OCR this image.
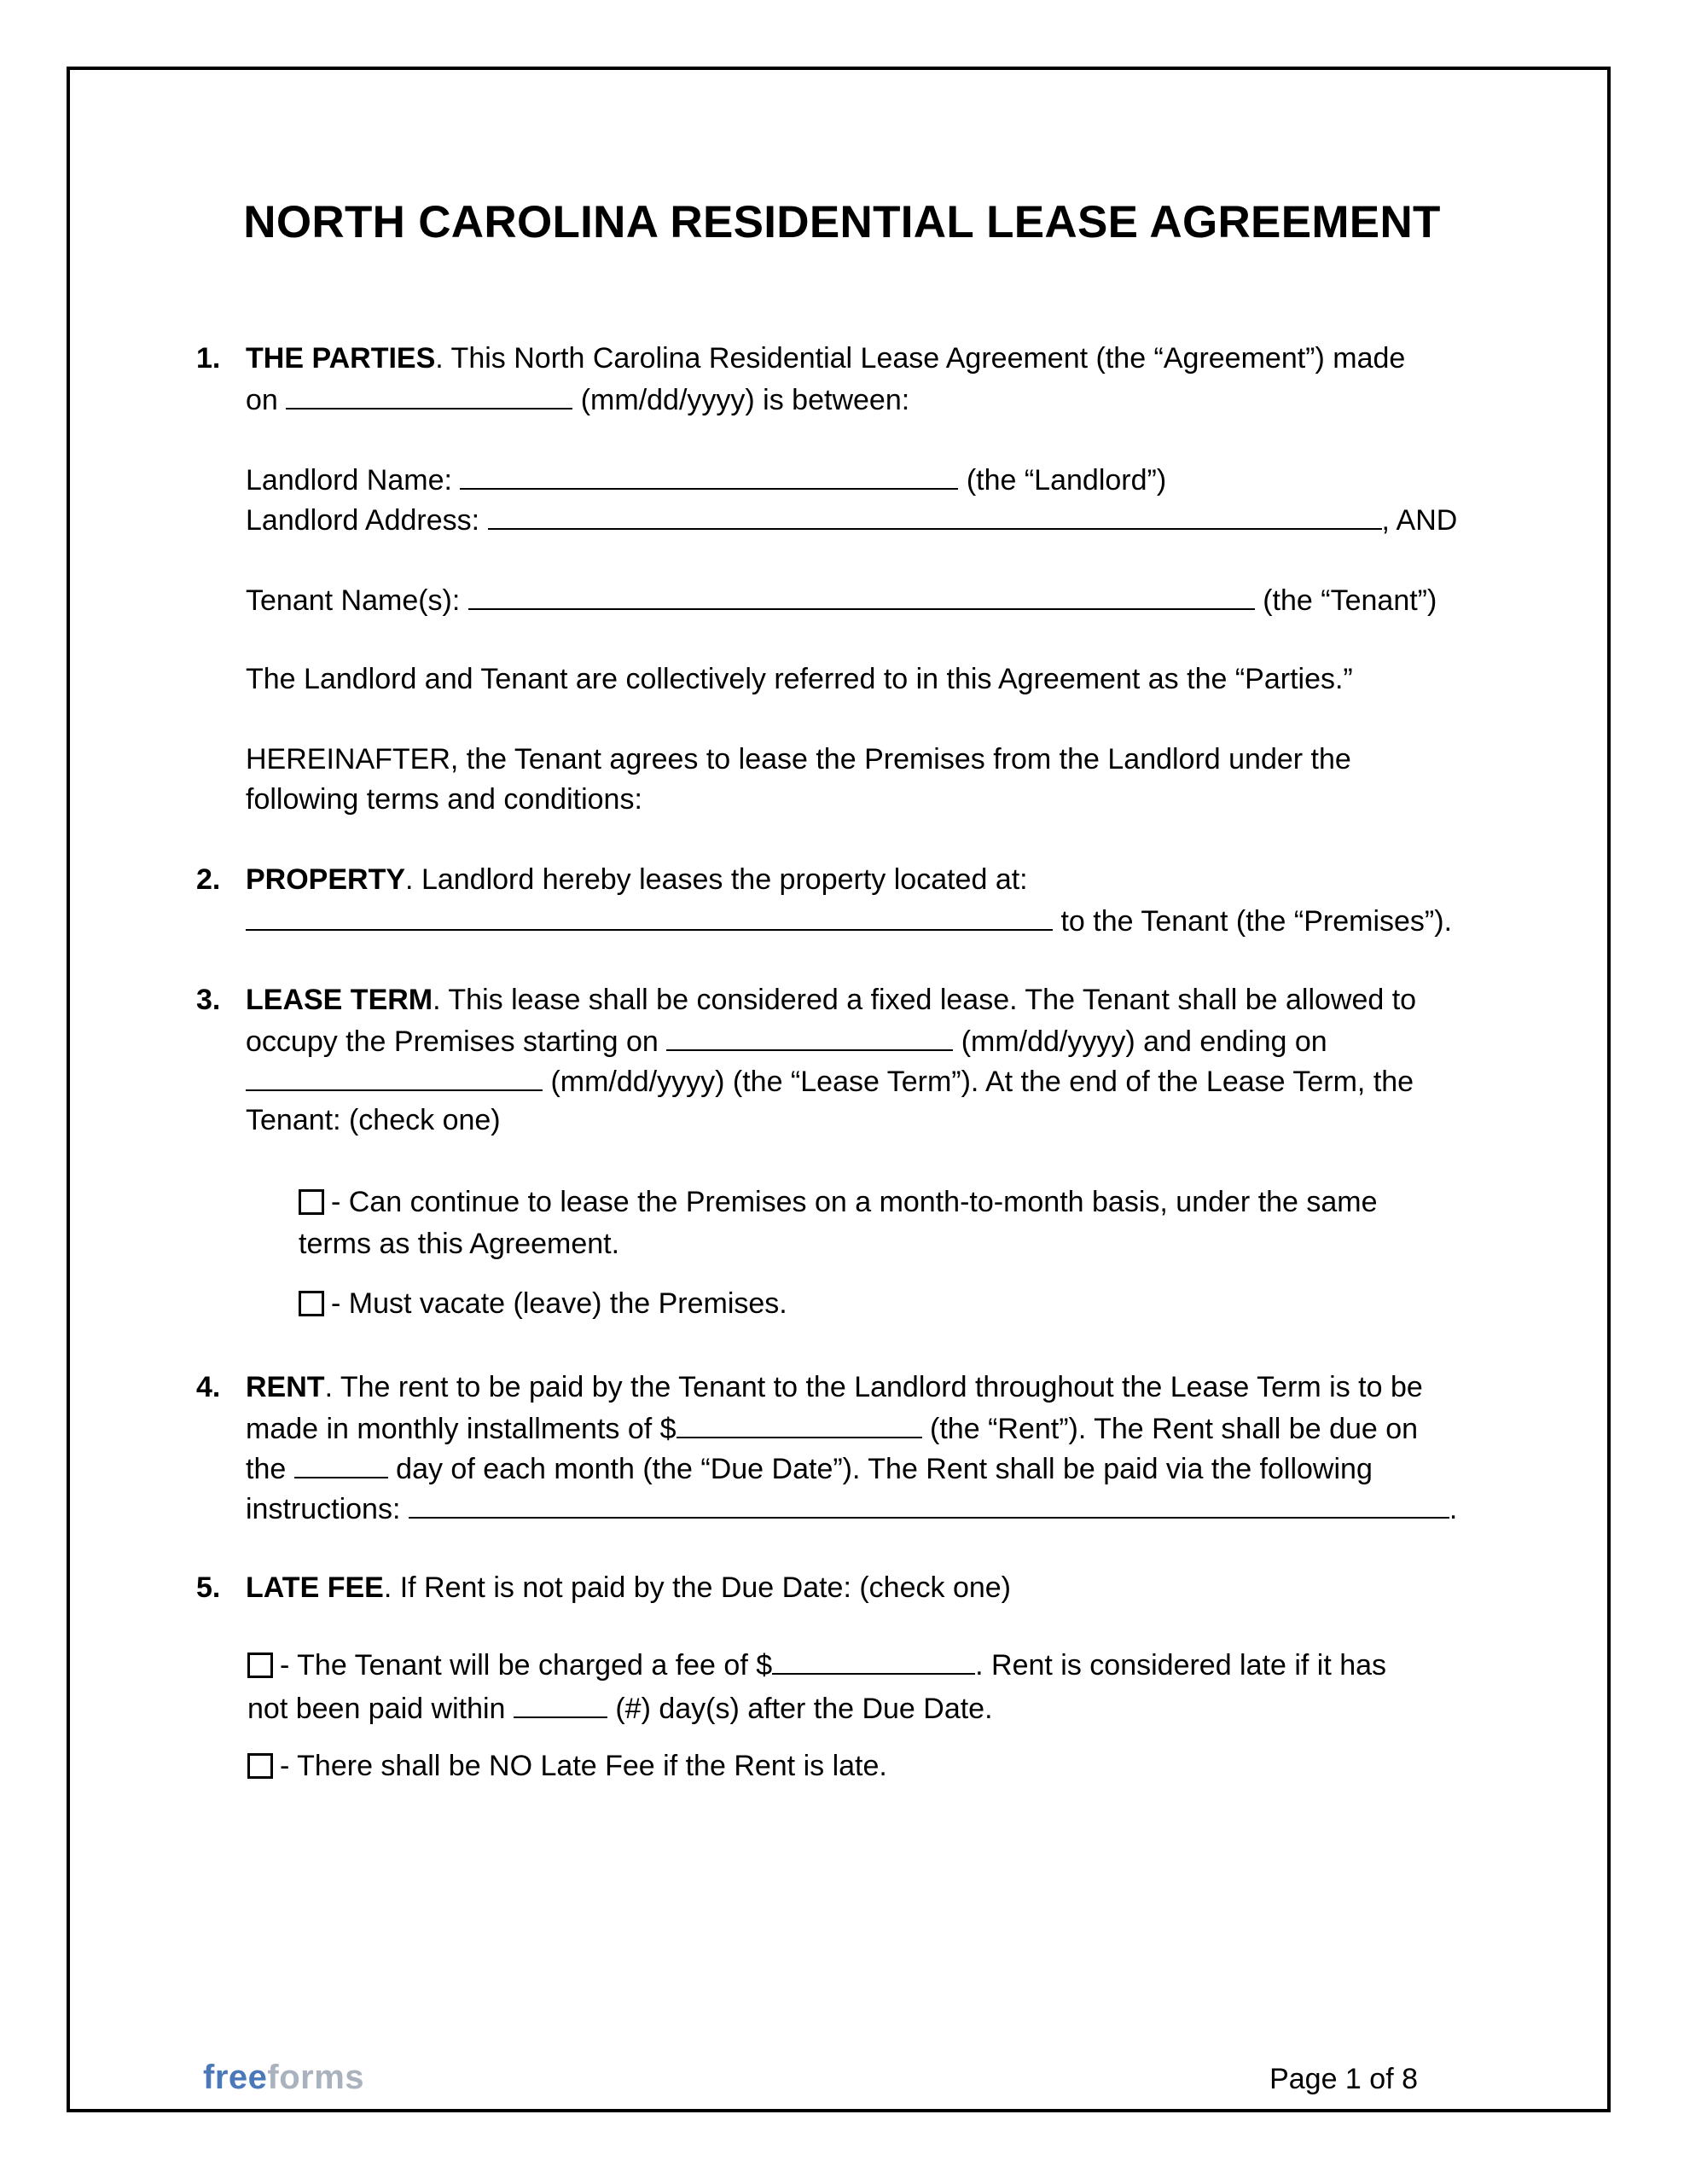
NORTH CAROLINA RESIDENTIAL LEASE AGREEMENT
1. THE PARTIES. This North Carolina Residential Lease Agreement (the “Agreement”) made
on	(mm/dd/yyyy) is between:
Landlord Name:	(the “Landlord”)
Landlord Address:	, AND
Tenant Name(s):	(the “Tenant”)
The Landlord and Tenant are collectively referred to in this Agreement as the “Parties.”
HEREINAFTER, the Tenant agrees to lease the Premises from the Landlord under the
following terms and conditions:
2. PROPERTY. Landlord hereby leases the property located at:
to the Tenant (the “Premises”).
3. LEASE TERM. This lease shall be considered a fixed lease. The Tenant shall be allowed to
occupy the Premises starting on	(mm/dd/yyyy) and ending on
(mm/dd/yyyy) (the “Lease Term”). At the end of the Lease Term, the
Tenant: (check one)
- Can continue to lease the Premises on a month-to-month basis, under the same
terms as this Agreement.
- Must vacate (leave) the Premises.
4. RENT. The rent to be paid by the Tenant to the Landlord throughout the Lease Term is to be
made in monthly installments of $	(the “Rent”). The Rent shall be due on
the	day of each month (the “Due Date”). The Rent shall be paid via the following
instructions:	.
5. LATE FEE. If Rent is not paid by the Due Date: (check one)
- The Tenant will be charged a fee of $	. Rent is considered late if it has
not been paid within	(#) day(s) after the Due Date.
- There shall be NO Late Fee if the Rent is late.
freeforms	Page 1 of 8
